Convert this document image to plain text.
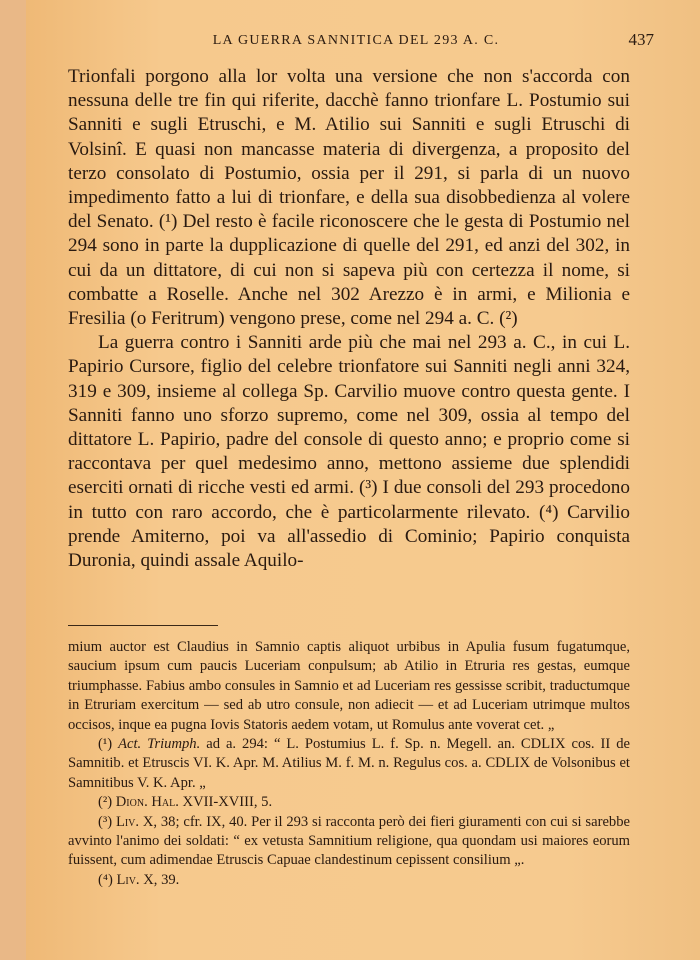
LA GUERRA SANNITICA DEL 293 A. C.	437

Trionfali porgono alla lor volta una versione che non s'accorda con nessuna delle tre fin qui riferite, dacchè fanno trionfare L. Postumio sui Sanniti e sugli Etruschi, e M. Atilio sui Sanniti e sugli Etruschi di Volsinî. E quasi non mancasse materia di divergenza, a proposito del terzo consolato di Postumio, ossia per il 291, si parla di un nuovo impedimento fatto a lui di trionfare, e della sua disobbedienza al volere del Senato. (¹) Del resto è facile riconoscere che le gesta di Postumio nel 294 sono in parte la dupplicazione di quelle del 291, ed anzi del 302, in cui da un dittatore, di cui non si sapeva più con certezza il nome, si combatte a Roselle. Anche nel 302 Arezzo è in armi, e Milionia e Fresilia (o Feritrum) vengono prese, come nel 294 a. C. (²)

La guerra contro i Sanniti arde più che mai nel 293 a. C., in cui L. Papirio Cursore, figlio del celebre trionfatore sui Sanniti negli anni 324, 319 e 309, insieme al collega Sp. Carvilio muove contro questa gente. I Sanniti fanno uno sforzo supremo, come nel 309, ossia al tempo del dittatore L. Papirio, padre del console di questo anno; e proprio come si raccontava per quel medesimo anno, mettono assieme due splendidi eserciti ornati di ricche vesti ed armi. (³) I due consoli del 293 procedono in tutto con raro accordo, che è particolarmente rilevato. (⁴) Carvilio prende Amiterno, poi va all'assedio di Cominio; Papirio conquista Duronia, quindi assale Aquilo-

mium auctor est Claudius in Samnio captis aliquot urbibus in Apulia fusum fugatumque, saucium ipsum cum paucis Luceriam conpulsum; ab Atilio in Etruria res gestas, eumque triumphasse. Fabius ambo consules in Samnio et ad Luceriam res gessisse scribit, traductumque in Etruriam exercitum — sed ab utro consule, non adiecit — et ad Luceriam utrimque multos occisos, inque ea pugna Iovis Statoris aedem votam, ut Romulus ante voverat cet. „

(¹) Act. Triumph. ad a. 294: “ L. Postumius L. f. Sp. n. Megell. an. CDLIX cos. II de Samnitib. et Etruscis VI. K. Apr. M. Atilius M. f. M. n. Regulus cos. a. CDLIX de Volsonibus et Samnitibus V. K. Apr. „

(²) Dion. Hal. XVII-XVIII, 5.

(³) Liv. X, 38; cfr. IX, 40. Per il 293 si racconta però dei fieri giuramenti con cui si sarebbe avvinto l'animo dei soldati: “ ex vetusta Samnitium religione, qua quondam usi maiores eorum fuissent, cum adimendae Etruscis Capuae clandestinum cepissent consilium „.

(⁴) Liv. X, 39.
